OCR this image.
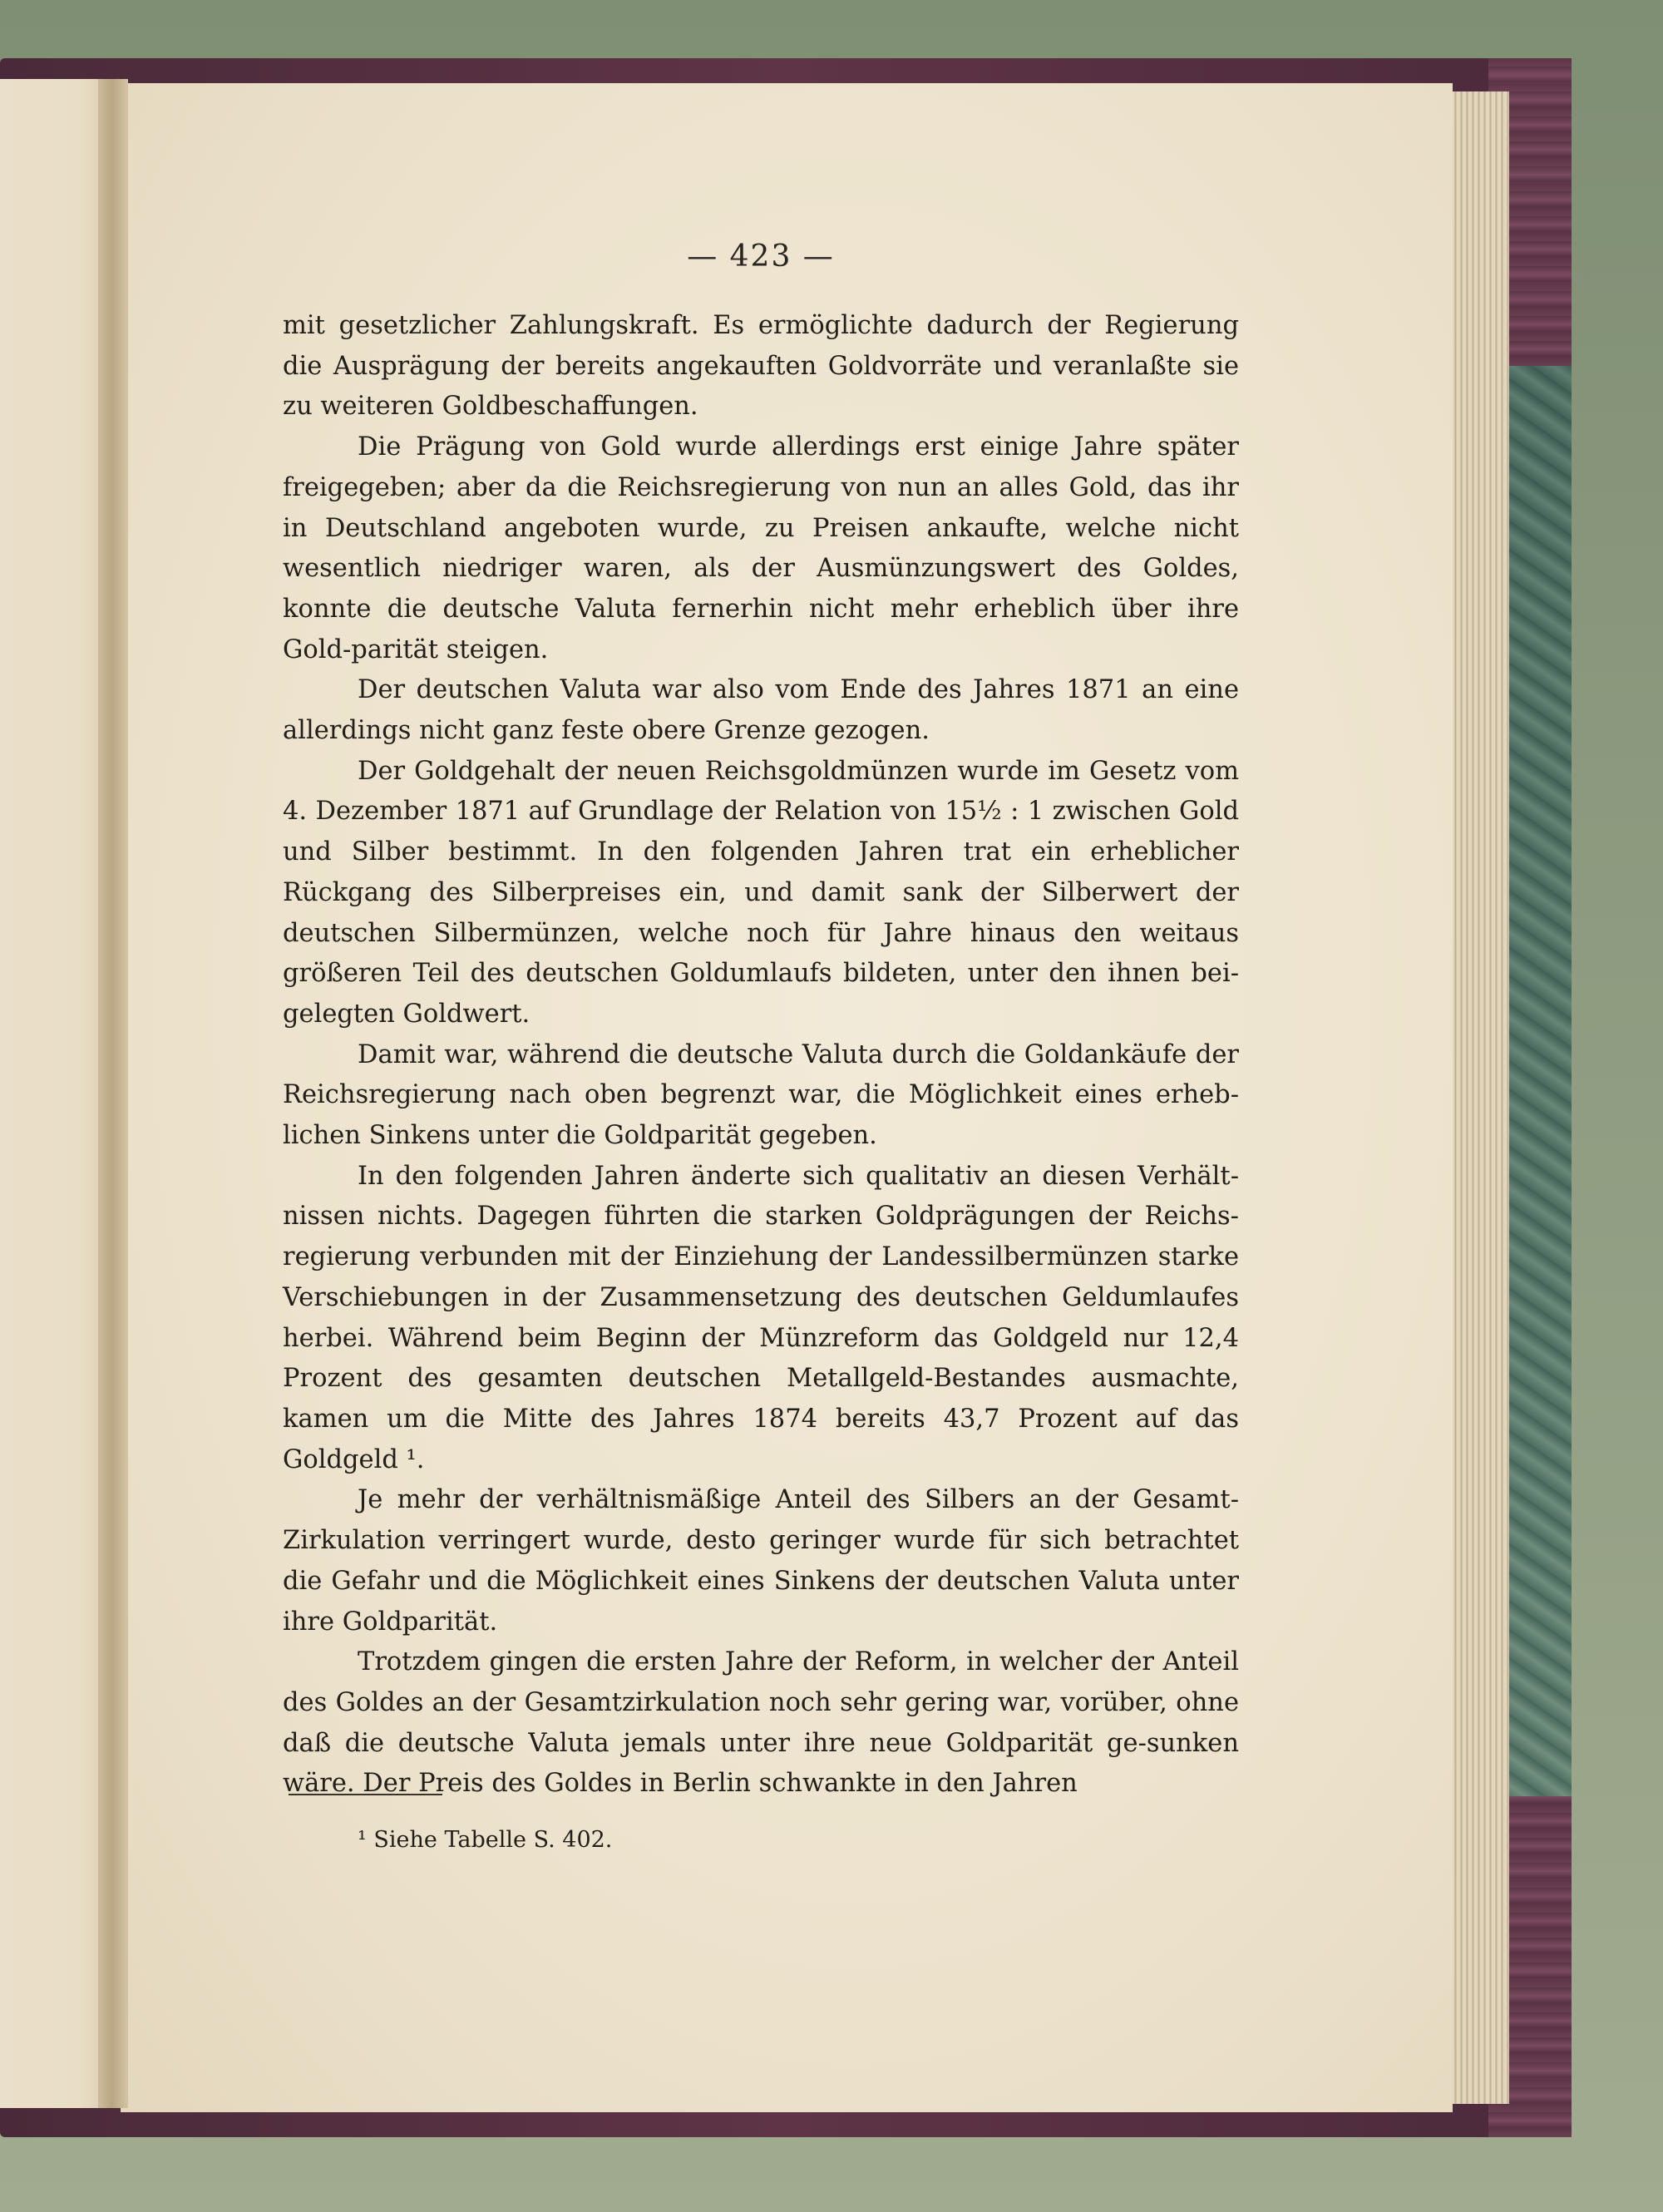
— 423 —

mit gesetzlicher Zahlungskraft. Es ermöglichte dadurch der Regierung die Ausprägung der bereits angekauften Goldvorräte und veranlaßte sie zu weiteren Goldbeschaffungen.

Die Prägung von Gold wurde allerdings erst einige Jahre später freigegeben; aber da die Reichsregierung von nun an alles Gold, das ihr in Deutschland angeboten wurde, zu Preisen ankaufte, welche nicht wesentlich niedriger waren, als der Ausmünzungswert des Goldes, konnte die deutsche Valuta fernerhin nicht mehr erheblich über ihre Gold-parität steigen.

Der deutschen Valuta war also vom Ende des Jahres 1871 an eine allerdings nicht ganz feste obere Grenze gezogen.

Der Goldgehalt der neuen Reichsgoldmünzen wurde im Gesetz vom 4. Dezember 1871 auf Grundlage der Relation von 15½ : 1 zwischen Gold und Silber bestimmt. In den folgenden Jahren trat ein erheblicher Rückgang des Silberpreises ein, und damit sank der Silberwert der deutschen Silbermünzen, welche noch für Jahre hinaus den weitaus größeren Teil des deutschen Goldumlaufs bildeten, unter den ihnen bei-gelegten Goldwert.

Damit war, während die deutsche Valuta durch die Goldankäufe der Reichsregierung nach oben begrenzt war, die Möglichkeit eines erheb-lichen Sinkens unter die Goldparität gegeben.

In den folgenden Jahren änderte sich qualitativ an diesen Verhält-nissen nichts. Dagegen führten die starken Goldprägungen der Reichs-regierung verbunden mit der Einziehung der Landessilbermünzen starke Verschiebungen in der Zusammensetzung des deutschen Geldumlaufes herbei. Während beim Beginn der Münzreform das Goldgeld nur 12,4 Prozent des gesamten deutschen Metallgeld-Bestandes ausmachte, kamen um die Mitte des Jahres 1874 bereits 43,7 Prozent auf das Goldgeld ¹.

Je mehr der verhältnismäßige Anteil des Silbers an der Gesamt-Zirkulation verringert wurde, desto geringer wurde für sich betrachtet die Gefahr und die Möglichkeit eines Sinkens der deutschen Valuta unter ihre Goldparität.

Trotzdem gingen die ersten Jahre der Reform, in welcher der Anteil des Goldes an der Gesamtzirkulation noch sehr gering war, vorüber, ohne daß die deutsche Valuta jemals unter ihre neue Goldparität ge-sunken wäre. Der Preis des Goldes in Berlin schwankte in den Jahren

¹ Siehe Tabelle S. 402.
